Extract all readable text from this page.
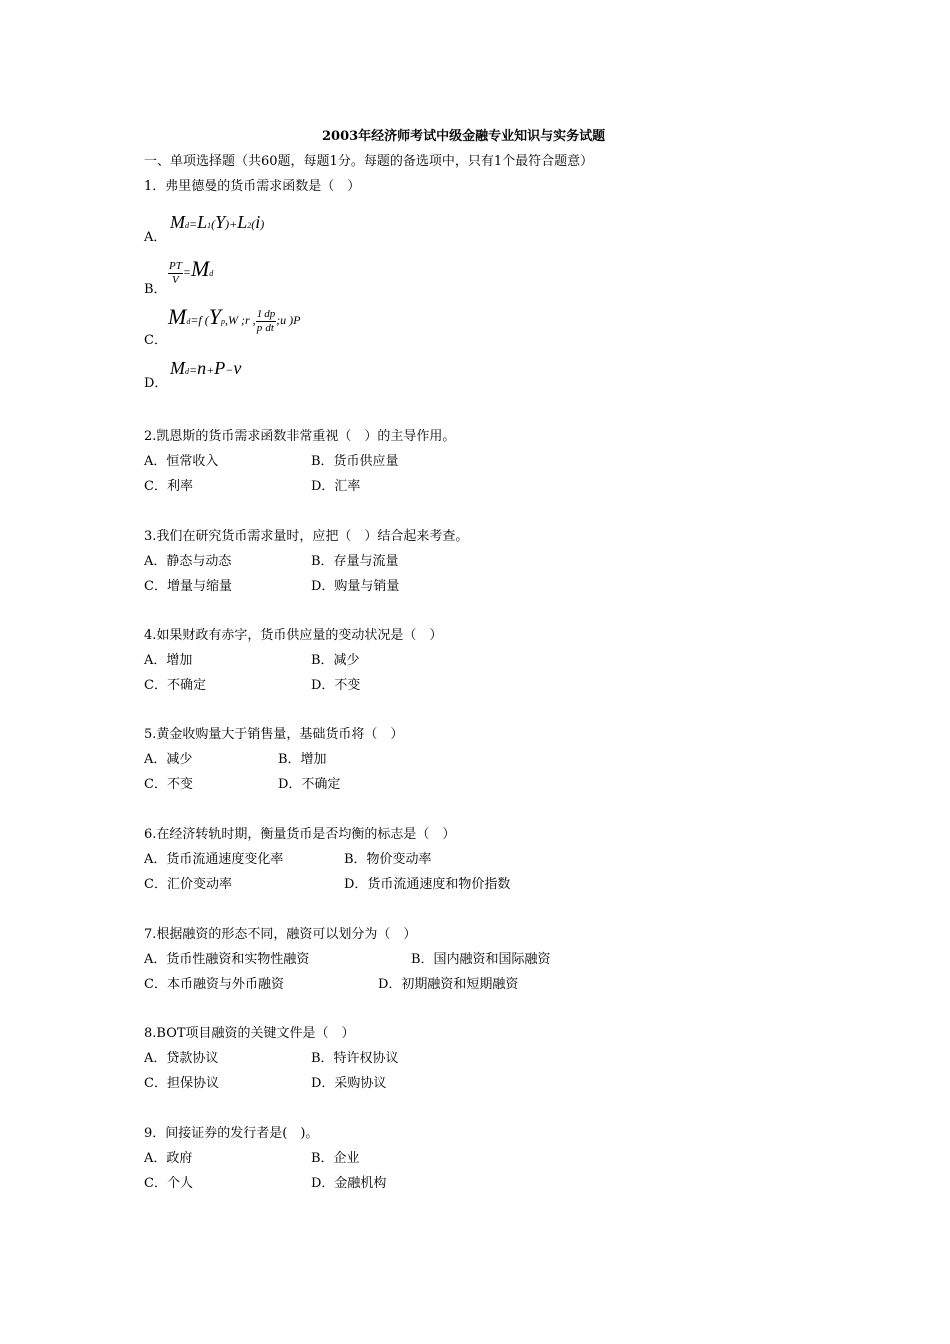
2003年经济师考试中级金融专业知识与实务试题
一、单项选择题（共60题，每题1分。每题的备选项中，只有1个最符合题意）
1．弗里德曼的货币需求函数是（　）
A．
Md=L1(Y)+L2(i)
B．
$\frac{PT}{V} =Md$
C．
Md=f (Yp,W ;r , $\frac{1}{p} \frac{dp}{dt}$ ;u )P
D．
Md=n+P−v
2.凯恩斯的货币需求函数非常重视（　）的主导作用。
A．恒常收入	B．货币供应量
C．利率	D．汇率
3.我们在研究货币需求量时，应把（　）结合起来考查。
A．静态与动态	B．存量与流量
C．增量与缩量	D．购量与销量
4.如果财政有赤字，货币供应量的变动状况是（　）
A．增加	B．减少
C．不确定	D．不变
5.黄金收购量大于销售量，基础货币将（　）
A．减少	B．增加
C．不变	D．不确定
6.在经济转轨时期，衡量货币是否均衡的标志是（　）
A．货币流通速度变化率	B．物价变动率
C．汇价变动率	D．货币流通速度和物价指数
7.根据融资的形态不同，融资可以划分为（　）
A．货币性融资和实物性融资	B．国内融资和国际融资
C．本币融资与外币融资	D．初期融资和短期融资
8.BOT项目融资的关键文件是（　）
A．贷款协议	B．特许权协议
C．担保协议	D．采购协议
9．间接证券的发行者是(　)。
A．政府	B．企业
C．个人	D．金融机构
